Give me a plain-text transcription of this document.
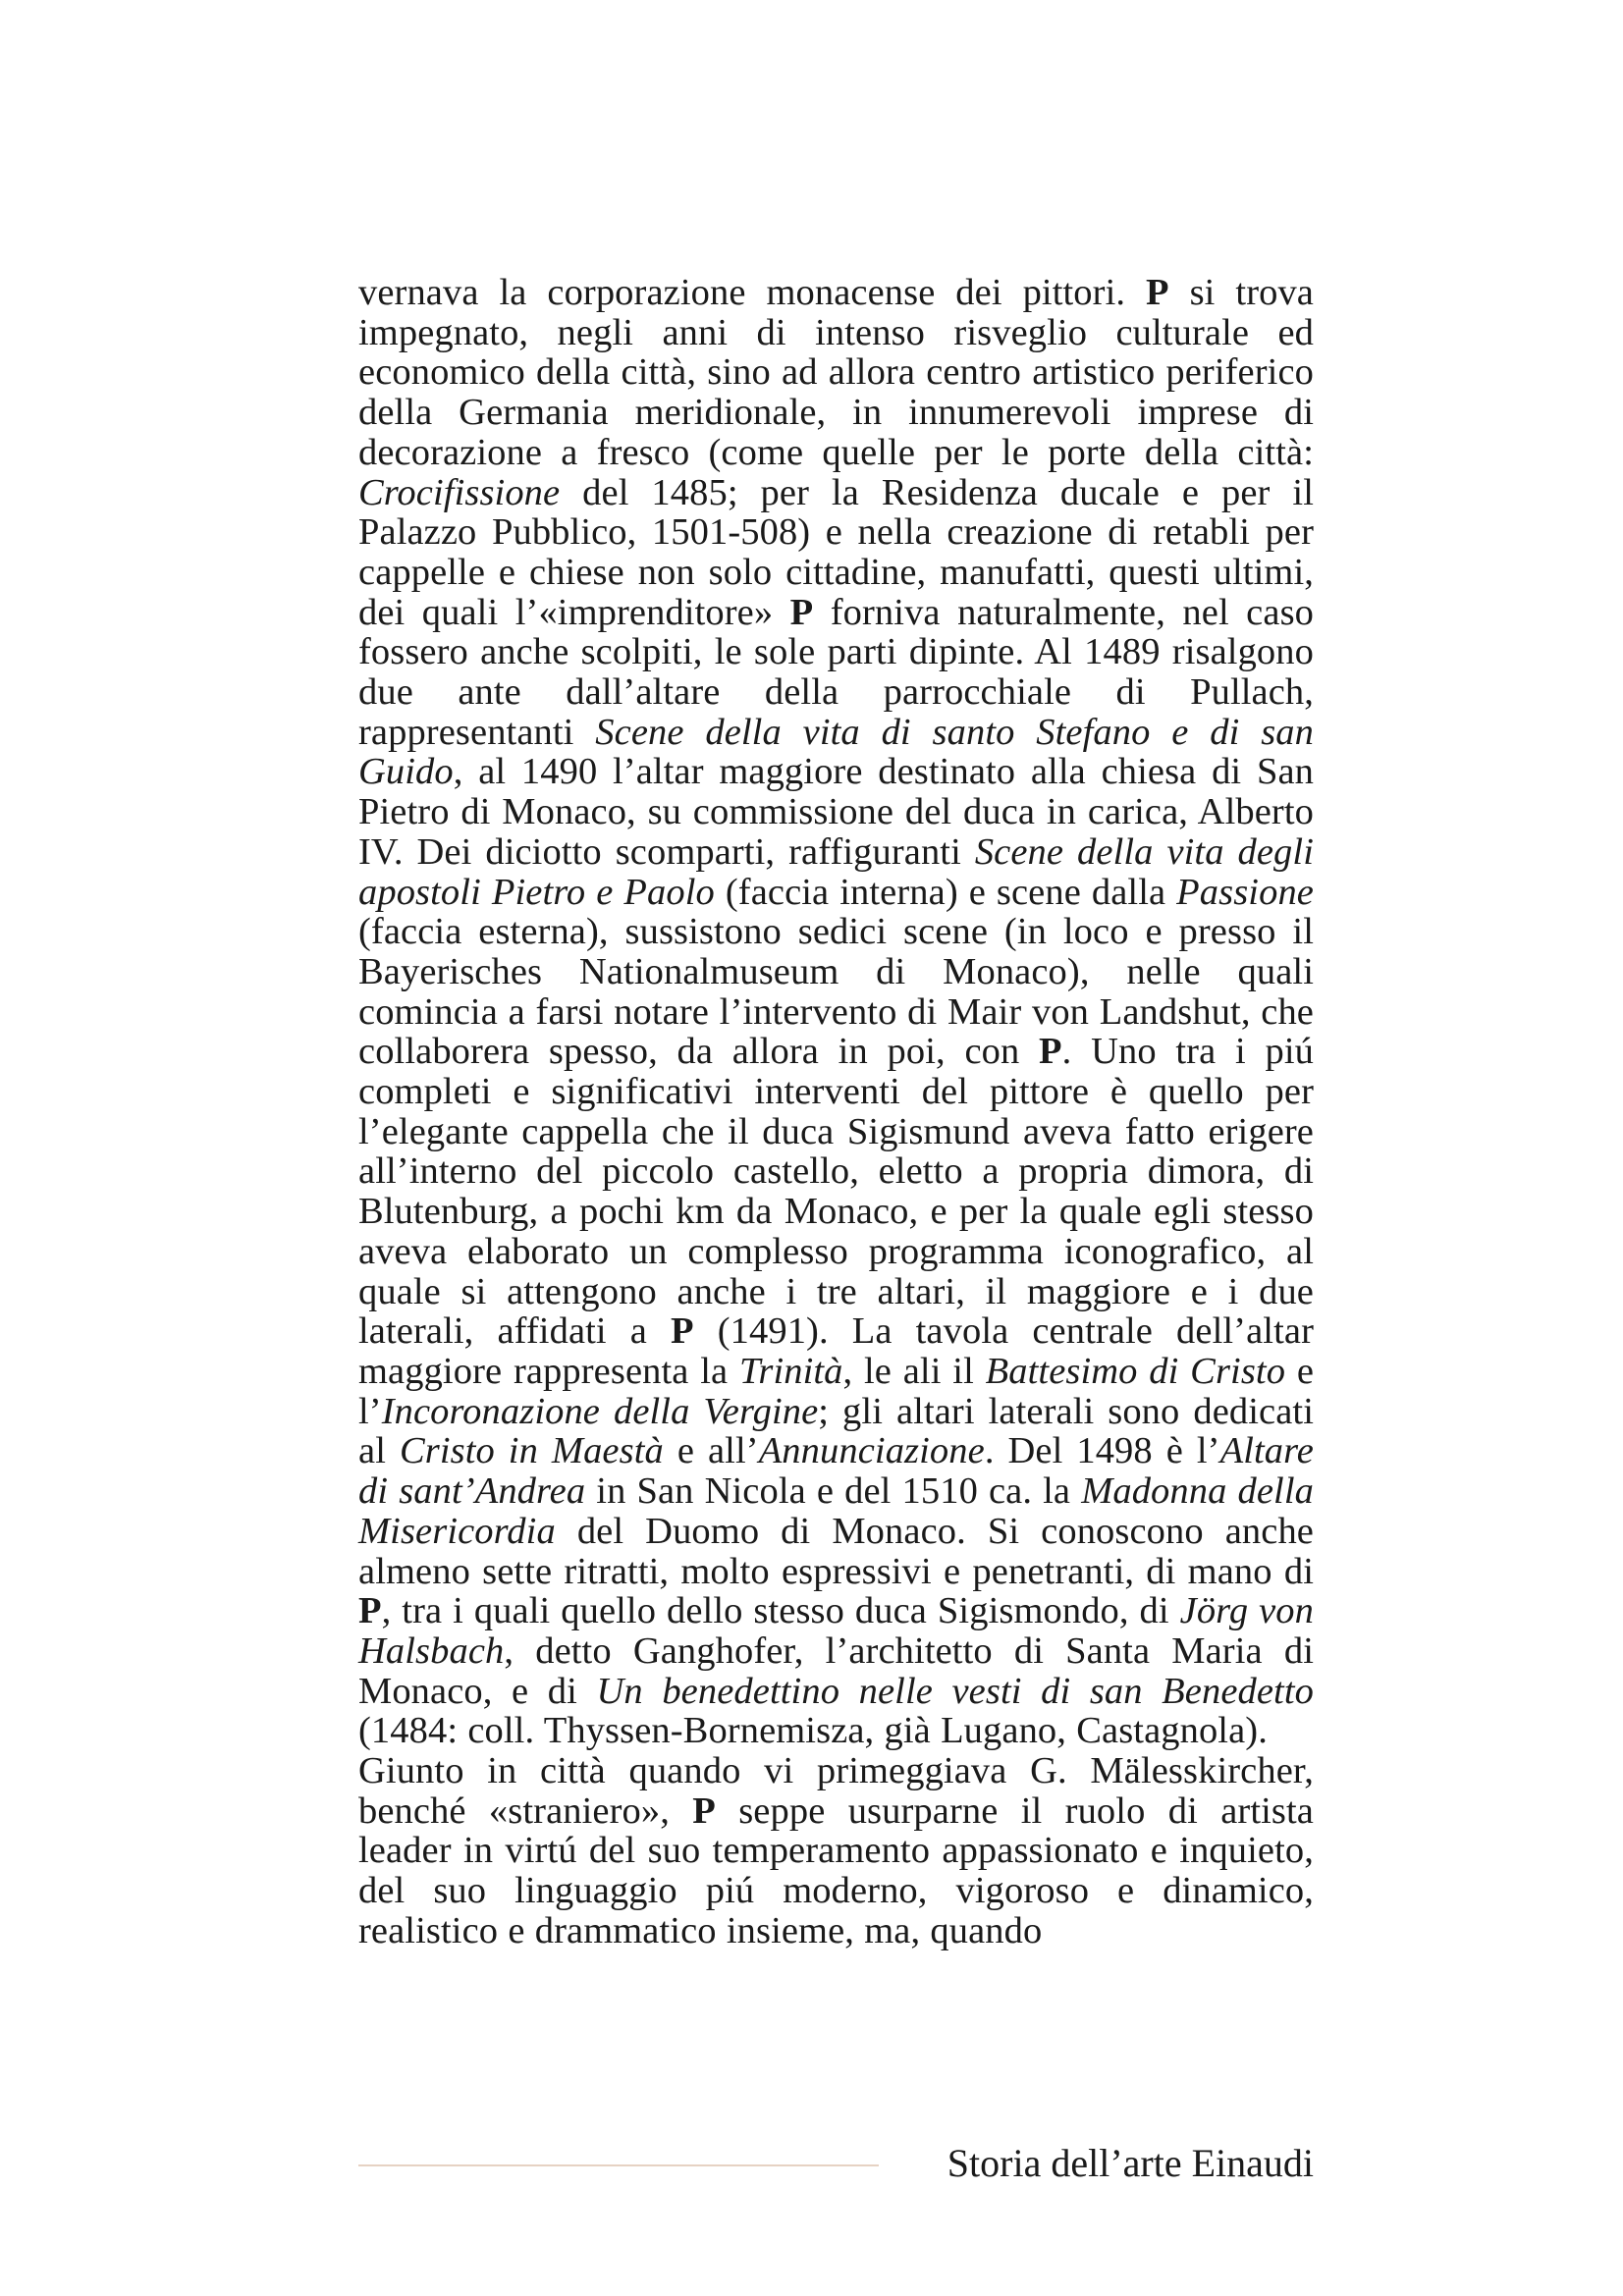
vernava la corporazione monacense dei pittori. P si trova impegnato, negli anni di intenso risveglio culturale ed economico della città, sino ad allora centro artistico periferico della Germania meridionale, in innumerevoli imprese di decorazione a fresco (come quelle per le porte della città: Crocifissione del 1485; per la Residenza ducale e per il Palazzo Pubblico, 1501-508) e nella creazione di retabli per cappelle e chiese non solo cittadine, manufatti, questi ultimi, dei quali l’«imprenditore» P forniva naturalmente, nel caso fossero anche scolpiti, le sole parti dipinte. Al 1489 risalgono due ante dall’altare della parrocchiale di Pullach, rappresentanti Scene della vita di santo Stefano e di san Guido, al 1490 l’altar maggiore destinato alla chiesa di San Pietro di Monaco, su commissione del duca in carica, Alberto IV. Dei diciotto scomparti, raffiguranti Scene della vita degli apostoli Pietro e Paolo (faccia interna) e scene dalla Passione (faccia esterna), sussistono sedici scene (in loco e presso il Bayerisches Nationalmuseum di Monaco), nelle quali comincia a farsi notare l’intervento di Mair von Landshut, che collaborera spesso, da allora in poi, con P. Uno tra i piú completi e significativi interventi del pittore è quello per l’elegante cappella che il duca Sigismund aveva fatto erigere all’interno del piccolo castello, eletto a propria dimora, di Blutenburg, a pochi km da Monaco, e per la quale egli stesso aveva elaborato un complesso programma iconografico, al quale si attengono anche i tre altari, il maggiore e i due laterali, affidati a P (1491). La tavola centrale dell’altar maggiore rappresenta la Trinità, le ali il Battesimo di Cristo e l’Incoronazione della Vergine; gli altari laterali sono dedicati al Cristo in Maestà e all’Annunciazione. Del 1498 è l’Altare di sant’Andrea in San Nicola e del 1510 ca. la Madonna della Misericordia del Duomo di Monaco. Si conoscono anche almeno sette ritratti, molto espressivi e penetranti, di mano di P, tra i quali quello dello stesso duca Sigismondo, di Jörg von Halsbach, detto Ganghofer, l’architetto di Santa Maria di Monaco, e di Un benedettino nelle vesti di san Benedetto (1484: coll. Thyssen-Bornemisza, già Lugano, Castagnola).

Giunto in città quando vi primeggiava G. Mälesskircher, benché «straniero», P seppe usurparne il ruolo di artista leader in virtú del suo temperamento appassionato e inquieto, del suo linguaggio piú moderno, vigoroso e dinamico, realistico e drammatico insieme, ma, quando

Storia dell’arte Einaudi
